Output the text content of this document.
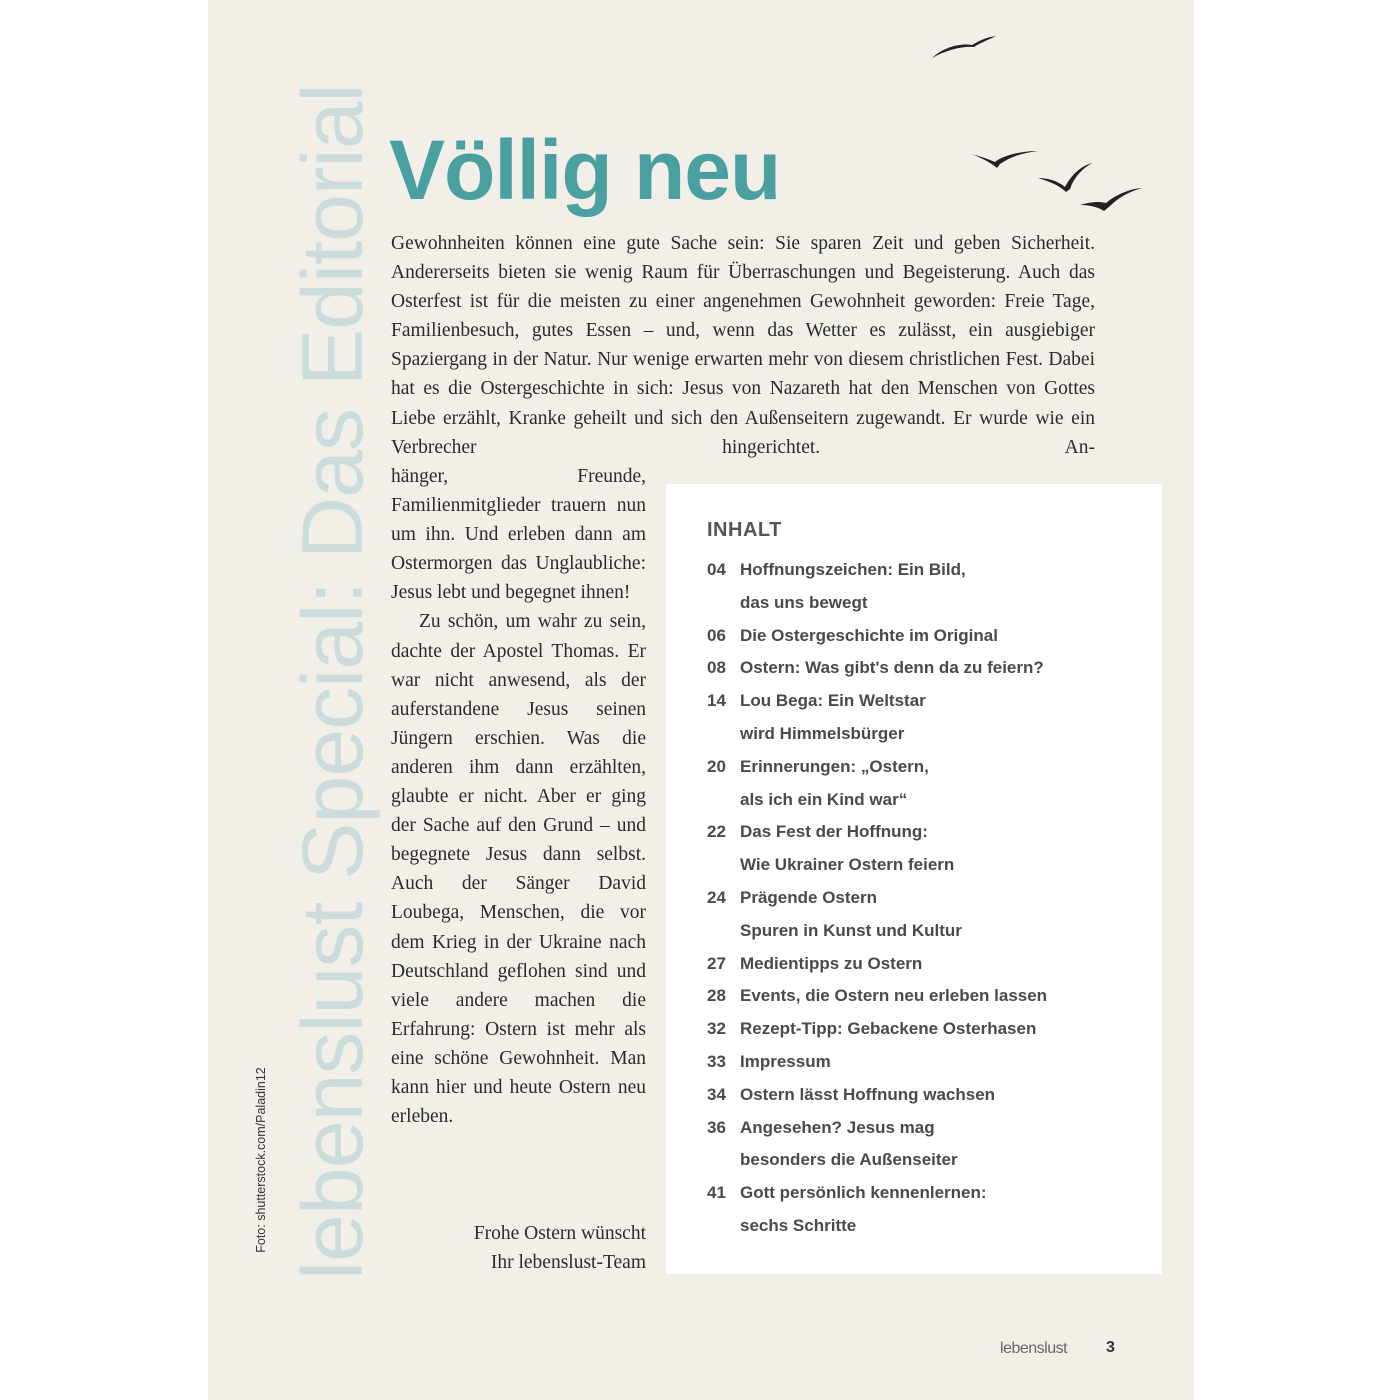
lebenslust Special: Das Editorial
Foto: shutterstock.com/Paladin12
Völlig neu

Gewohnheiten können eine gute Sache sein: Sie sparen Zeit und geben Sicherheit. Andererseits bieten sie wenig Raum für Überraschungen und Begeisterung. Auch das Osterfest ist für die meisten zu einer angenehmen Gewohnheit geworden: Freie Tage, Familienbesuch, gutes Essen – und, wenn das Wetter es zulässt, ein ausgiebiger Spaziergang in der Natur. Nur wenige erwarten mehr von diesem christlichen Fest. Dabei hat es die Ostergeschichte in sich: Jesus von Nazareth hat den Menschen von Gottes Liebe erzählt, Kranke geheilt und sich den Außenseitern zugewandt. Er wurde wie ein Verbrecher hingerichtet. An-

hänger, Freunde, Familienmitglieder trauern nun um ihn. Und erleben dann am Ostermorgen das Unglaubliche: Jesus lebt und begegnet ihnen!

Zu schön, um wahr zu sein, dachte der Apostel Thomas. Er war nicht anwesend, als der auferstandene Jesus seinen Jüngern erschien. Was die anderen ihm dann erzählten, glaubte er nicht. Aber er ging der Sache auf den Grund – und begegnete Jesus dann selbst. Auch der Sänger David Loubega, Menschen, die vor dem Krieg in der Ukraine nach Deutschland geflohen sind und viele andere machen die Erfahrung: Ostern ist mehr als eine schöne Gewohnheit. Man kann hier und heute Ostern neu erleben.

Frohe Ostern wünscht
Ihr lebenslust-Team
INHALT
04 Hoffnungszeichen: Ein Bild,
das uns bewegt
06 Die Ostergeschichte im Original
08 Ostern: Was gibt's denn da zu feiern?
14 Lou Bega: Ein Weltstar
wird Himmelsbürger
20 Erinnerungen: „Ostern,
als ich ein Kind war“
22 Das Fest der Hoffnung:
Wie Ukrainer Ostern feiern
24 Prägende Ostern
Spuren in Kunst und Kultur
27 Medientipps zu Ostern
28 Events, die Ostern neu erleben lassen
32 Rezept-Tipp: Gebackene Osterhasen
33 Impressum
34 Ostern lässt Hoffnung wachsen
36 Angesehen? Jesus mag
besonders die Außenseiter
41 Gott persönlich kennenlernen:
sechs Schritte
lebenslust 3
